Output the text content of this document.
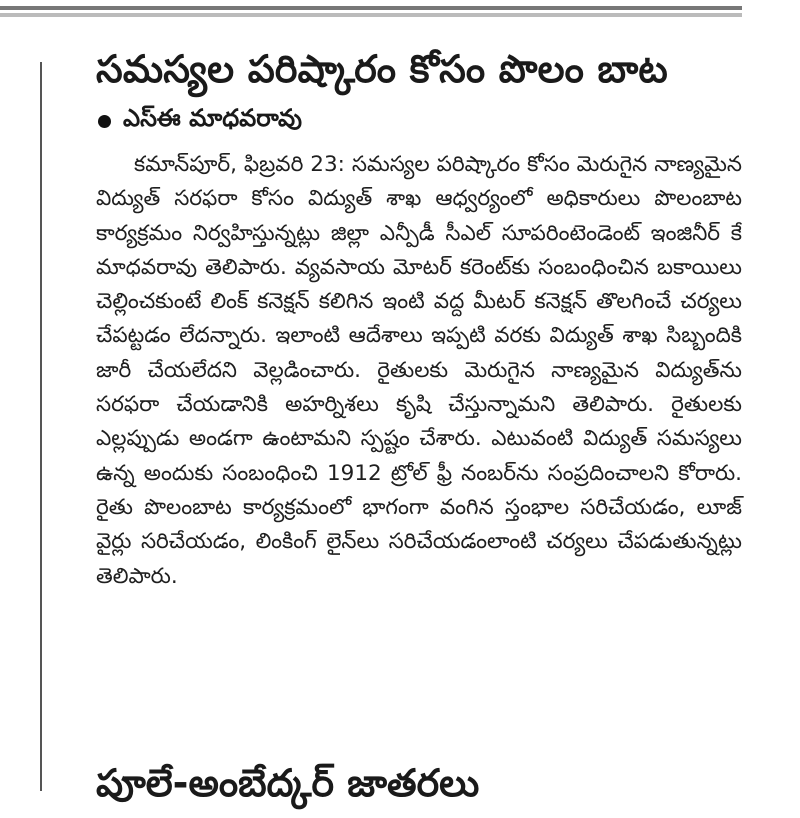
సమస్యల పరిష్కారం కోసం పొలం బాట
ఎస్ఈ మాధవరావు

కమాన్‌పూర్, ఫిబ్రవరి 23: సమస్యల పరిష్కారం కోసం మెరుగైన నాణ్యమైన విద్యుత్ సరఫరా కోసం విద్యుత్ శాఖ ఆధ్వర్యంలో అధికారులు పొలంబాట కార్యక్రమం నిర్వహిస్తున్నట్లు జిల్లా ఎన్పీడీ సీఎల్ సూపరింటెండెంట్ ఇంజినీర్ కే మాధవరావు తెలిపారు. వ్యవసాయ మోటర్ కరెంట్‌కు సంబంధించిన బకాయిలు చెల్లించకుంటే లింక్ కనెక్షన్ కలిగిన ఇంటి వద్ద మీటర్ కనెక్షన్ తొలగించే చర్యలు చేపట్టడం లేదన్నారు. ఇలాంటి ఆదేశాలు ఇప్పటి వరకు విద్యుత్ శాఖ సిబ్బందికి జారీ చేయలేదని వెల్లడించారు. రైతులకు మెరుగైన నాణ్యమైన విద్యుత్‌ను సరఫరా చేయడానికి అహర్నిశలు కృషి చేస్తున్నామని తెలిపారు. రైతులకు ఎల్లప్పుడు అండగా ఉంటామని స్పష్టం చేశారు. ఎటువంటి విద్యుత్ సమస్యలు ఉన్న అందుకు సంబంధించి 1912 ట్రోల్ ఫ్రీ నంబర్‌ను సంప్రదించాలని కోరారు. రైతు పొలంబాట కార్యక్రమంలో భాగంగా వంగిన స్తంభాల సరిచేయడం, లూజ్ వైర్లు సరిచేయడం, లింకింగ్ లైన్‌లు సరిచేయడంలాంటి చర్యలు చేపడుతున్నట్లు తెలిపారు.

పూలే-అంబేద్కర్ జాతరలు
